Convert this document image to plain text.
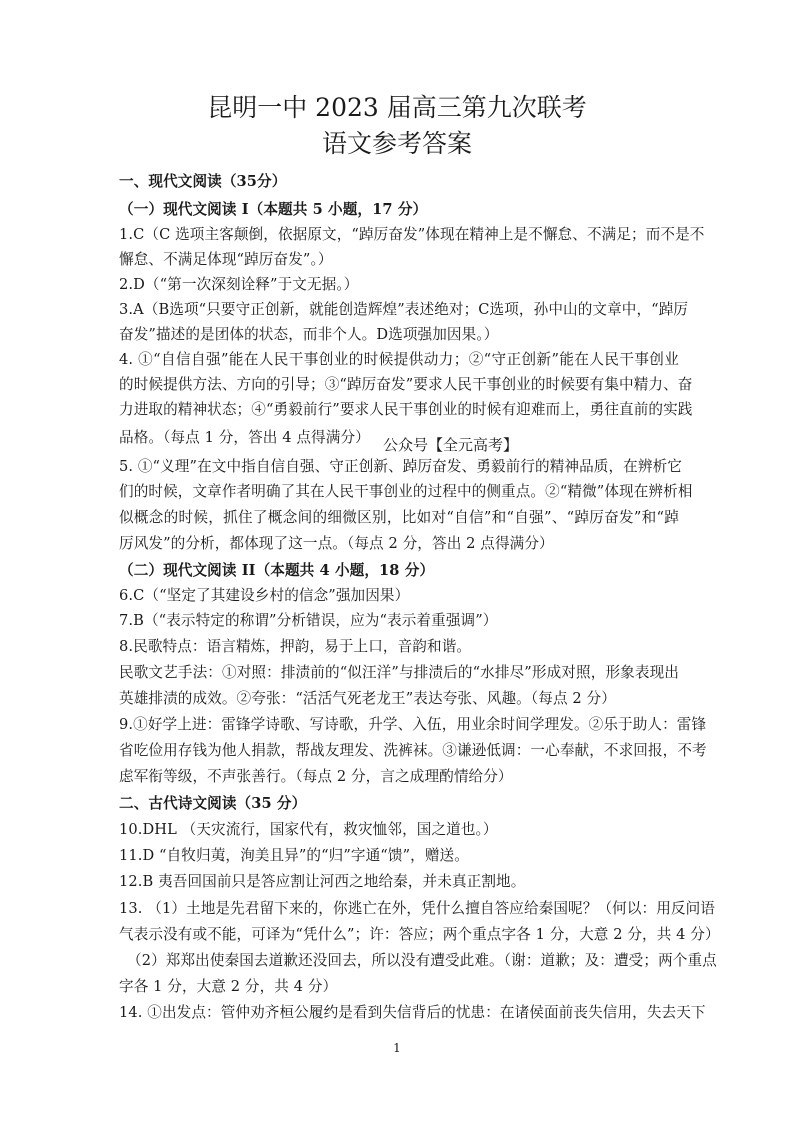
昆明一中 2023 届高三第九次联考
语文参考答案
一、现代文阅读（35分）
（一）现代文阅读 I（本题共 5 小题，17 分）
1.C（C 选项主客颠倒，依据原文，“踔厉奋发”体现在精神上是不懈怠、不满足；而不是不
懈怠、不满足体现“踔厉奋发”。）
2.D（“第一次深刻诠释”于文无据。）
3.A（B选项“只要守正创新，就能创造辉煌”表述绝对；C选项，孙中山的文章中，“踔厉
奋发”描述的是团体的状态，而非个人。D选项强加因果。）
4. ①“自信自强”能在人民干事创业的时候提供动力；②“守正创新”能在人民干事创业
的时候提供方法、方向的引导；③“踔厉奋发”要求人民干事创业的时候要有集中精力、奋
力进取的精神状态；④“勇毅前行”要求人民干事创业的时候有迎难而上，勇往直前的实践
品格。（每点 1 分，答出 4 点得满分） 公众号【全元高考】
5. ①“义理”在文中指自信自强、守正创新、踔厉奋发、勇毅前行的精神品质，在辨析它
们的时候，文章作者明确了其在人民干事创业的过程中的侧重点。②“精微”体现在辨析相
似概念的时候，抓住了概念间的细微区别，比如对“自信”和“自强”、“踔厉奋发”和“踔
厉风发”的分析，都体现了这一点。（每点 2 分，答出 2 点得满分）
（二）现代文阅读 II（本题共 4 小题，18 分）
6.C（“坚定了其建设乡村的信念”强加因果）
7.B（“表示特定的称谓”分析错误，应为“表示着重强调”）
8.民歌特点：语言精炼，押韵，易于上口，音韵和谐。
民歌文艺手法：①对照：排渍前的“似汪洋”与排渍后的“水排尽”形成对照，形象表现出
英雄排渍的成效。②夸张：“活活气死老龙王”表达夸张、风趣。（每点 2 分）
9.①好学上进：雷锋学诗歌、写诗歌，升学、入伍，用业余时间学理发。②乐于助人：雷锋
省吃俭用存钱为他人捐款，帮战友理发、洗裤袜。③谦逊低调：一心奉献，不求回报，不考
虑军衔等级，不声张善行。（每点 2 分，言之成理酌情给分）
二、古代诗文阅读（35 分）
10.DHL （天灾流行，国家代有，救灾恤邻，国之道也。）
11.D “自牧归荑，洵美且异”的“归”字通“馈”，赠送。
12.B 夷吾回国前只是答应割让河西之地给秦，并未真正割地。
13. （1）土地是先君留下来的，你逃亡在外，凭什么擅自答应给秦国呢？（何以：用反问语
气表示没有或不能，可译为“凭什么”；许：答应；两个重点字各 1 分，大意 2 分，共 4 分）
（2）郑郑出使秦国去道歉还没回去，所以没有遭受此难。（谢：道歉；及：遭受；两个重点
字各 1 分，大意 2 分，共 4 分）
14. ①出发点：管仲劝齐桓公履约是看到失信背后的忧患：在诸侯面前丧失信用，失去天下
1
